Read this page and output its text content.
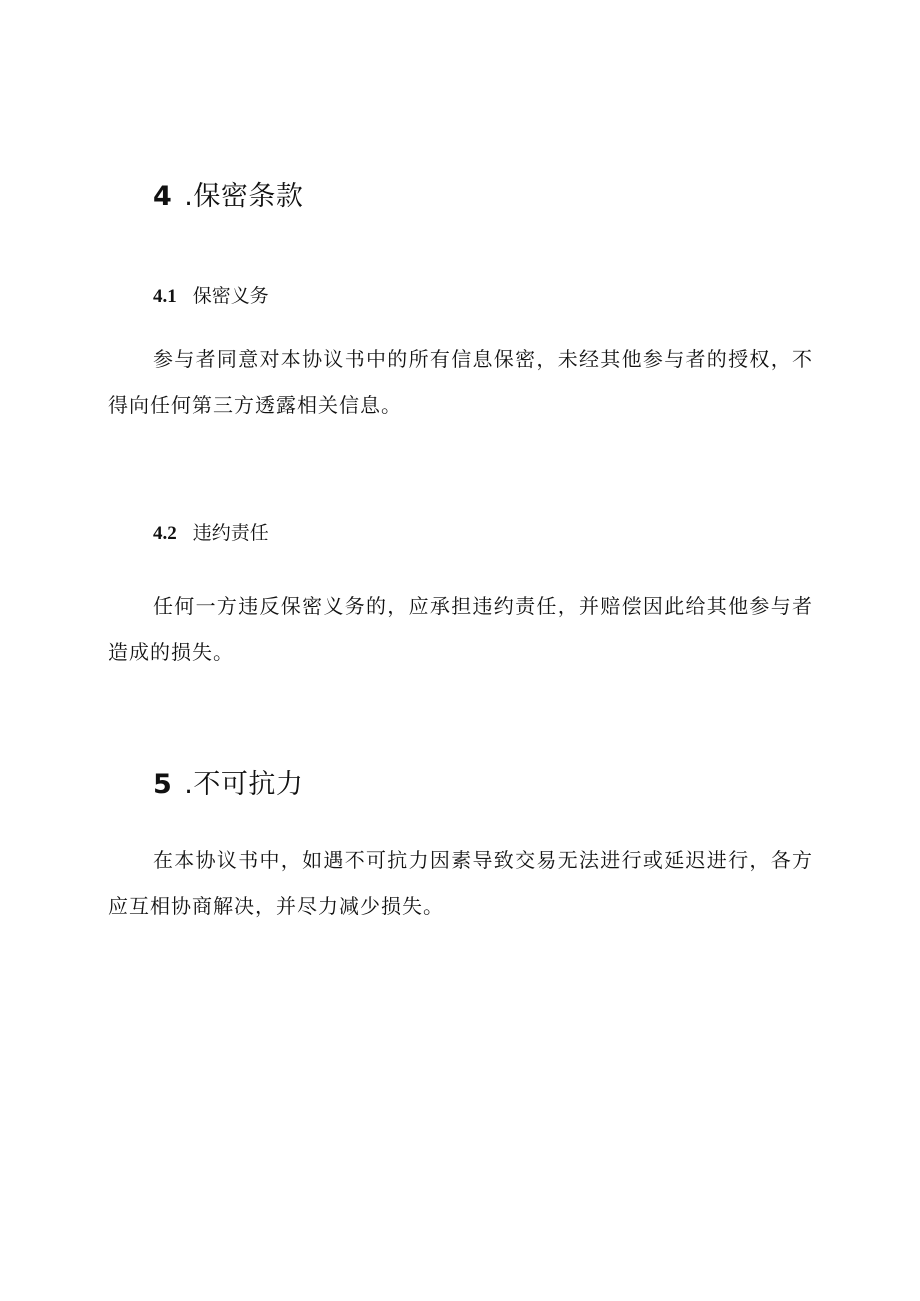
4 .保密条款
4.1 保密义务

参与者同意对本协议书中的所有信息保密，未经其他参与者的授权，不得向任何第三方透露相关信息。

4.2 违约责任

任何一方违反保密义务的，应承担违约责任，并赔偿因此给其他参与者造成的损失。

5 .不可抗力

在本协议书中，如遇不可抗力因素导致交易无法进行或延迟进行，各方应互相协商解决，并尽力减少损失。
